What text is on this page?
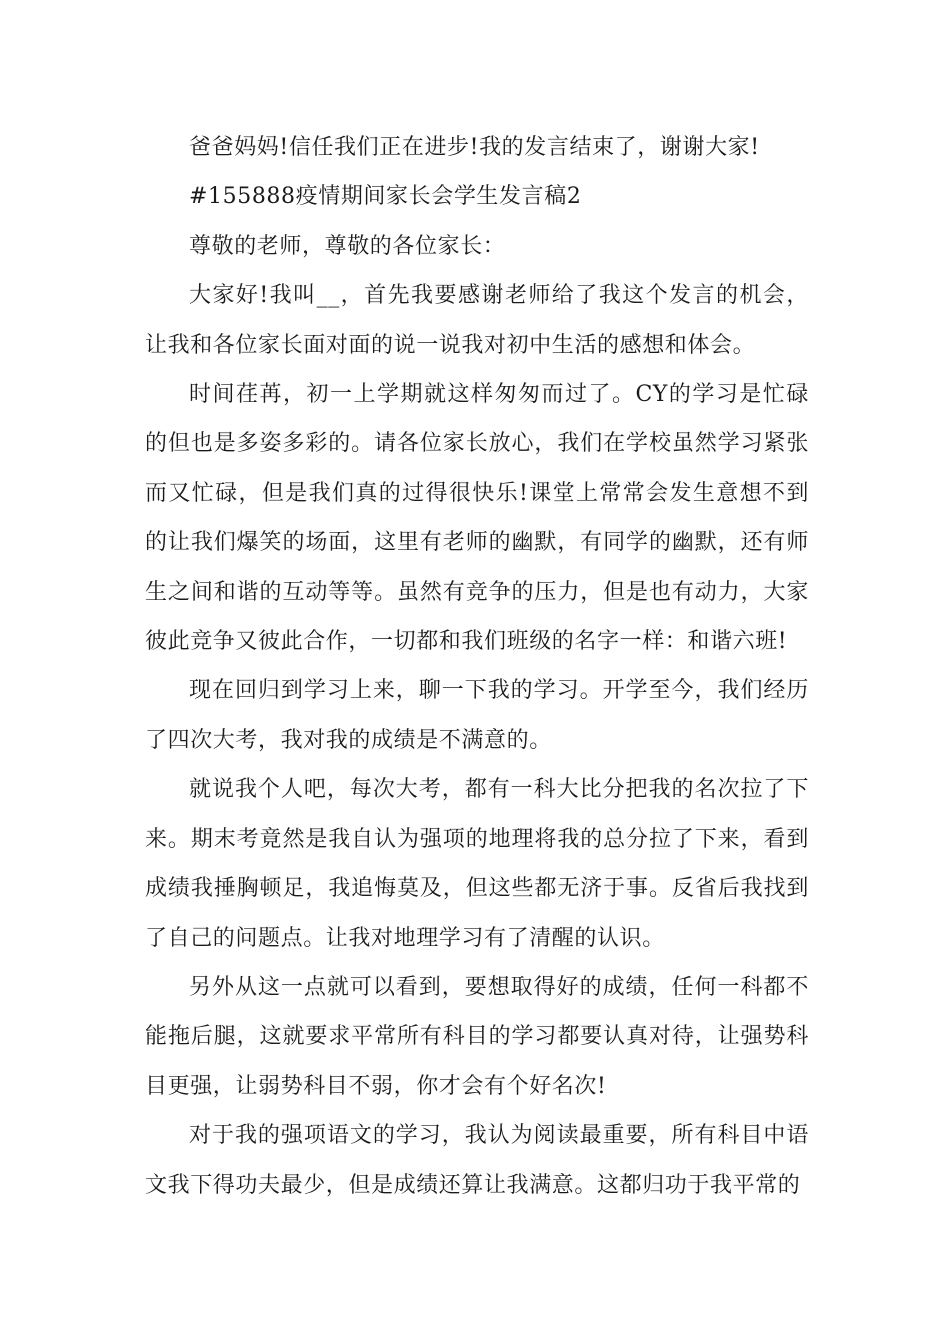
爸爸妈妈!信任我们正在进步!我的发言结束了，谢谢大家!

#155888疫情期间家长会学生发言稿2

尊敬的老师，尊敬的各位家长：

大家好!我叫__，首先我要感谢老师给了我这个发言的机会，让我和各位家长面对面的说一说我对初中生活的感想和体会。

时间荏苒，初一上学期就这样匆匆而过了。CY的学习是忙碌的但也是多姿多彩的。请各位家长放心，我们在学校虽然学习紧张而又忙碌，但是我们真的过得很快乐!课堂上常常会发生意想不到的让我们爆笑的场面，这里有老师的幽默，有同学的幽默，还有师生之间和谐的互动等等。虽然有竞争的压力，但是也有动力，大家彼此竞争又彼此合作，一切都和我们班级的名字一样：和谐六班!

现在回归到学习上来，聊一下我的学习。开学至今，我们经历了四次大考，我对我的成绩是不满意的。

就说我个人吧，每次大考，都有一科大比分把我的名次拉了下来。期末考竟然是我自认为强项的地理将我的总分拉了下来，看到成绩我捶胸顿足，我追悔莫及，但这些都无济于事。反省后我找到了自己的问题点。让我对地理学习有了清醒的认识。

另外从这一点就可以看到，要想取得好的成绩，任何一科都不能拖后腿，这就要求平常所有科目的学习都要认真对待，让强势科目更强，让弱势科目不弱，你才会有个好名次!

对于我的强项语文的学习，我认为阅读最重要，所有科目中语文我下得功夫最少，但是成绩还算让我满意。这都归功于我平常的
